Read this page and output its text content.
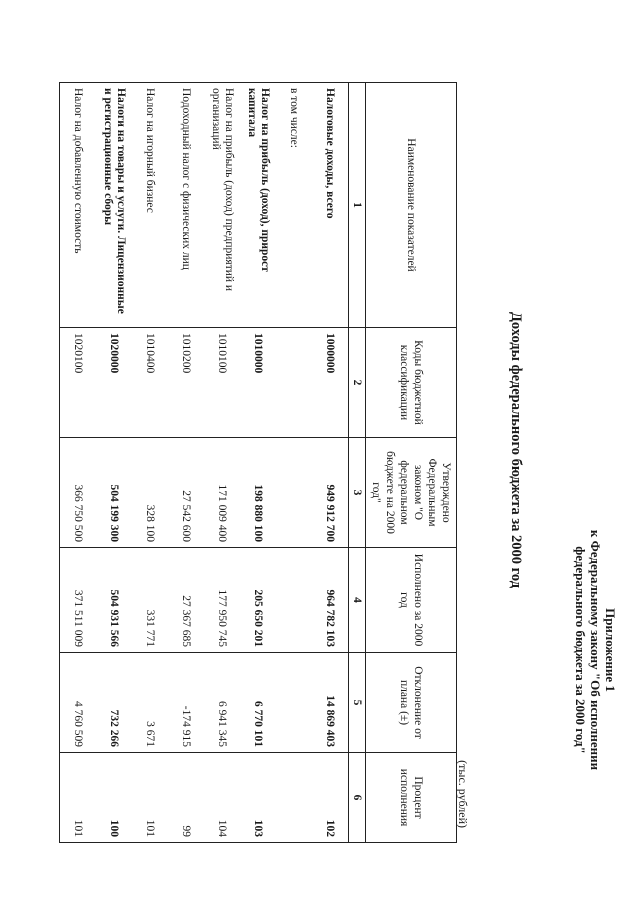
Приложение 1
к Федеральному закону "Об исполнении
федерального бюджета за 2000 год"
Доходы федерального бюджета за 2000 год
(тыс. рублей)
Наименование показателей	Коды бюджетной классификации	Утверждено Федеральным законом "О федеральном бюджете на 2000 год"	Исполнено за 2000 год	Отклонение от плана (±)	Процент исполнения
1	2	3	4	5	6
Налоговые доходы, всего	1000000	949 912 700	964 782 103	14 869 403	102
в том числе:					
Налог на прибыль (доход), прирост капитала	1010000	198 880 100	205 650 201	6 770 101	103
Налог на прибыль (доход) предприятий и организаций	1010100	171 009 400	177 950 745	6 941 345	104
Подоходный налог с физических лиц	1010200	27 542 600	27 367 685	-174 915	99
Налог на игорный бизнес	1010400	328 100	331 771	3 671	101
Налоги на товары и услуги. Лицензионные и регистрационные сборы	1020000	504 199 300	504 931 566	732 266	100
Налог на добавленную стоимость	1020100	366 750 500	371 511 009	4 760 509	101
